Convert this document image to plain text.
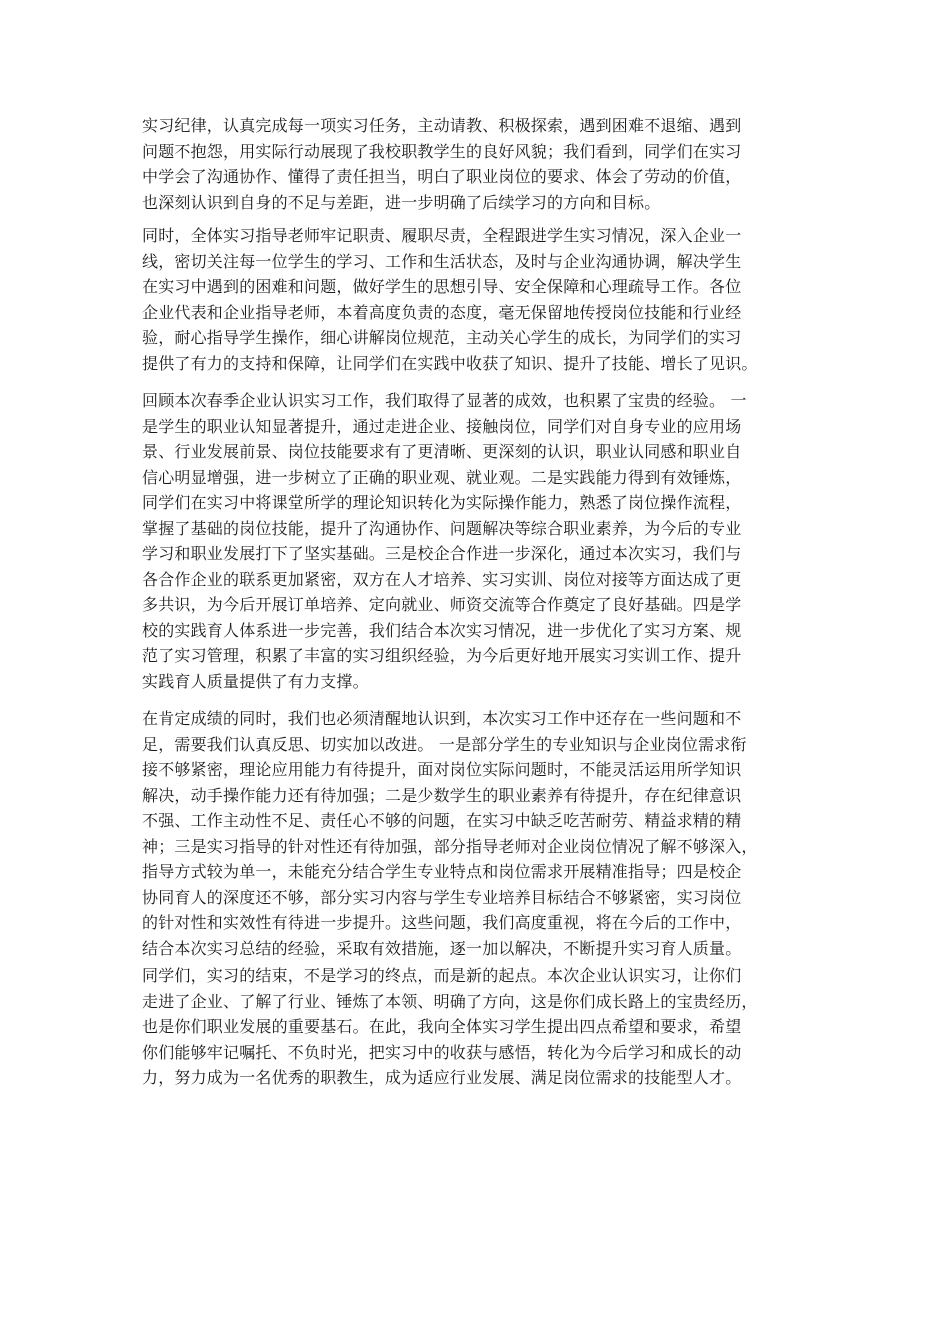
实习纪律，认真完成每一项实习任务，主动请教、积极探索，遇到困难不退缩、遇到
问题不抱怨，用实际行动展现了我校职教学生的良好风貌；我们看到，同学们在实习
中学会了沟通协作、懂得了责任担当，明白了职业岗位的要求、体会了劳动的价值，
也深刻认识到自身的不足与差距，进一步明确了后续学习的方向和目标。

同时，全体实习指导老师牢记职责、履职尽责，全程跟进学生实习情况，深入企业一
线，密切关注每一位学生的学习、工作和生活状态，及时与企业沟通协调，解决学生
在实习中遇到的困难和问题，做好学生的思想引导、安全保障和心理疏导工作。各位
企业代表和企业指导老师，本着高度负责的态度，毫无保留地传授岗位技能和行业经
验，耐心指导学生操作，细心讲解岗位规范，主动关心学生的成长，为同学们的实习
提供了有力的支持和保障，让同学们在实践中收获了知识、提升了技能、增长了见识。

回顾本次春季企业认识实习工作，我们取得了显著的成效，也积累了宝贵的经验。 一
是学生的职业认知显著提升，通过走进企业、接触岗位，同学们对自身专业的应用场
景、行业发展前景、岗位技能要求有了更清晰、更深刻的认识，职业认同感和职业自
信心明显增强，进一步树立了正确的职业观、就业观。二是实践能力得到有效锤炼，
同学们在实习中将课堂所学的理论知识转化为实际操作能力，熟悉了岗位操作流程，
掌握了基础的岗位技能，提升了沟通协作、问题解决等综合职业素养，为今后的专业
学习和职业发展打下了坚实基础。三是校企合作进一步深化，通过本次实习，我们与
各合作企业的联系更加紧密，双方在人才培养、实习实训、岗位对接等方面达成了更
多共识，为今后开展订单培养、定向就业、师资交流等合作奠定了良好基础。四是学
校的实践育人体系进一步完善，我们结合本次实习情况，进一步优化了实习方案、规
范了实习管理，积累了丰富的实习组织经验，为今后更好地开展实习实训工作、提升
实践育人质量提供了有力支撑。

在肯定成绩的同时，我们也必须清醒地认识到，本次实习工作中还存在一些问题和不
足，需要我们认真反思、切实加以改进。 一是部分学生的专业知识与企业岗位需求衔
接不够紧密，理论应用能力有待提升，面对岗位实际问题时，不能灵活运用所学知识
解决，动手操作能力还有待加强；二是少数学生的职业素养有待提升，存在纪律意识
不强、工作主动性不足、责任心不够的问题，在实习中缺乏吃苦耐劳、精益求精的精
神；三是实习指导的针对性还有待加强，部分指导老师对企业岗位情况了解不够深入，
指导方式较为单一，未能充分结合学生专业特点和岗位需求开展精准指导；四是校企
协同育人的深度还不够，部分实习内容与学生专业培养目标结合不够紧密，实习岗位
的针对性和实效性有待进一步提升。这些问题，我们高度重视，将在今后的工作中，
结合本次实习总结的经验，采取有效措施，逐一加以解决，不断提升实习育人质量。

同学们，实习的结束，不是学习的终点，而是新的起点。本次企业认识实习，让你们
走进了企业、了解了行业、锤炼了本领、明确了方向，这是你们成长路上的宝贵经历，
也是你们职业发展的重要基石。在此，我向全体实习学生提出四点希望和要求，希望
你们能够牢记嘱托、不负时光，把实习中的收获与感悟，转化为今后学习和成长的动
力，努力成为一名优秀的职教生，成为适应行业发展、满足岗位需求的技能型人才。
